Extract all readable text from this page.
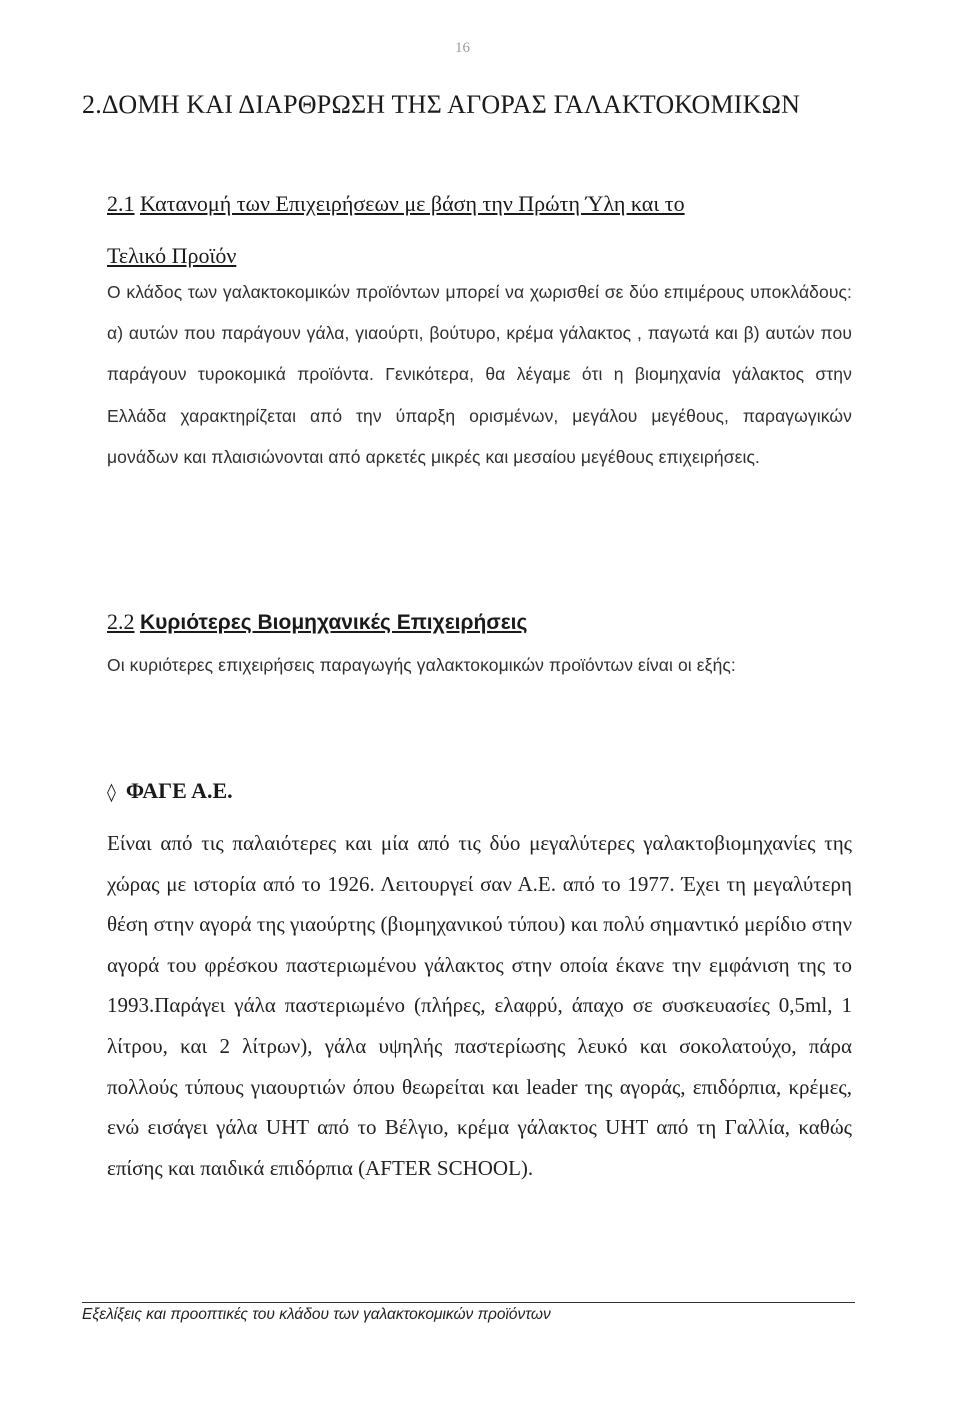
16
2.ΔΟΜΗ ΚΑΙ ΔΙΑΡΘΡΩΣΗ ΤΗΣ ΑΓΟΡΑΣ ΓΑΛΑΚΤΟΚΟΜΙΚΩΝ
2.1 Κατανομή των Επιχειρήσεων με βάση την Πρώτη Ύλη και το
Τελικό Προϊόν

Ο κλάδος των γαλακτοκομικών προϊόντων μπορεί να χωρισθεί σε δύο επιμέρους υποκλάδους: α) αυτών που παράγουν γάλα, γιαούρτι, βούτυρο, κρέμα γάλακτος , παγωτά και β) αυτών που παράγουν τυροκομικά προϊόντα. Γενικότερα, θα λέγαμε ότι η βιομηχανία γάλακτος στην Ελλάδα χαρακτηρίζεται από την ύπαρξη ορισμένων, μεγάλου μεγέθους, παραγωγικών μονάδων και πλαισιώνονται από αρκετές μικρές και μεσαίου μεγέθους επιχειρήσεις.

2.2 Κυριότερες Βιομηχανικές Επιχειρήσεις

Οι κυριότερες επιχειρήσεις παραγωγής γαλακτοκομικών προϊόντων είναι οι εξής:

◊ ΦΑΓΕ Α.Ε.

Είναι από τις παλαιότερες και μία από τις δύο μεγαλύτερες γαλακτοβιομηχανίες της χώρας με ιστορία από το 1926. Λειτουργεί σαν Α.Ε. από το 1977. Έχει τη μεγαλύτερη θέση στην αγορά της γιαούρτης (βιομηχανικού τύπου) και πολύ σημαντικό μερίδιο στην αγορά του φρέσκου παστεριωμένου γάλακτος στην οποία έκανε την εμφάνιση της το 1993.Παράγει γάλα παστεριωμένο (πλήρες, ελαφρύ, άπαχο σε συσκευασίες 0,5ml, 1 λίτρου, και 2 λίτρων), γάλα υψηλής παστερίωσης λευκό και σοκολατούχο, πάρα πολλούς τύπους γιαουρτιών όπου θεωρείται και leader της αγοράς, επιδόρπια, κρέμες, ενώ εισάγει γάλα UHT από το Βέλγιο, κρέμα γάλακτος UHT από τη Γαλλία, καθώς επίσης και παιδικά επιδόρπια (AFTER SCHOOL).

Εξελίξεις και προοπτικές του κλάδου των γαλακτοκομικών προϊόντων
